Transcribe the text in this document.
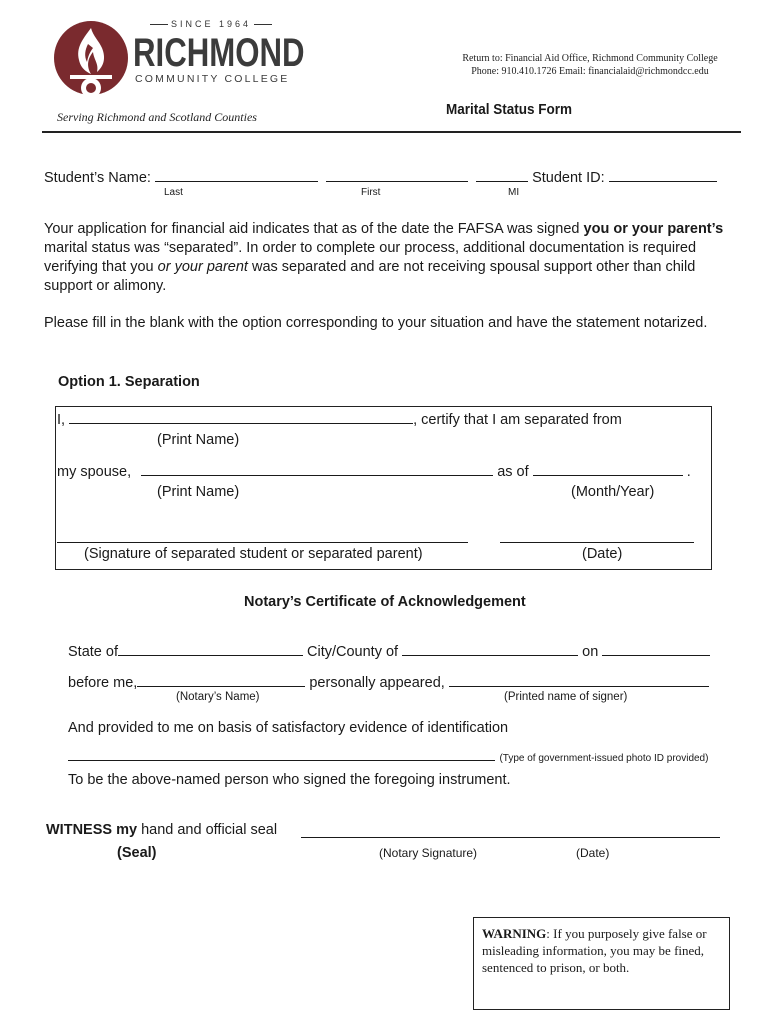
SINCE 1964
RICHMOND
COMMUNITY COLLEGE
Serving Richmond and Scotland Counties
Return to: Financial Aid Office, Richmond Community College
Phone: 910.410.1726 Email: financialaid@richmondcc.edu
Marital Status Form
Student’s Name:	Student ID:
Last	First	MI
Your application for financial aid indicates that as of the date the FAFSA was signed you or your parent’s marital status was “separated”. In order to complete our process, additional documentation is required verifying that you or your parent was separated and are not receiving spousal support other than child support or alimony.
Please fill in the blank with the option corresponding to your situation and have the statement notarized.
Option 1. Separation
I,	, certify that I am separated from
(Print Name)
my spouse,	as of	.
(Print Name)	(Month/Year)
(Signature of separated student or separated parent)	(Date)
Notary’s Certificate of Acknowledgement
State of	City/County of	on
before me,	personally appeared,
(Notary’s Name)	(Printed name of signer)
And provided to me on basis of satisfactory evidence of identification
(Type of government-issued photo ID provided)
To be the above-named person who signed the foregoing instrument.
WITNESS my hand and official seal
(Seal)	(Notary Signature)	(Date)
WARNING: If you purposely give false or misleading information, you may be fined, sentenced to prison, or both.
